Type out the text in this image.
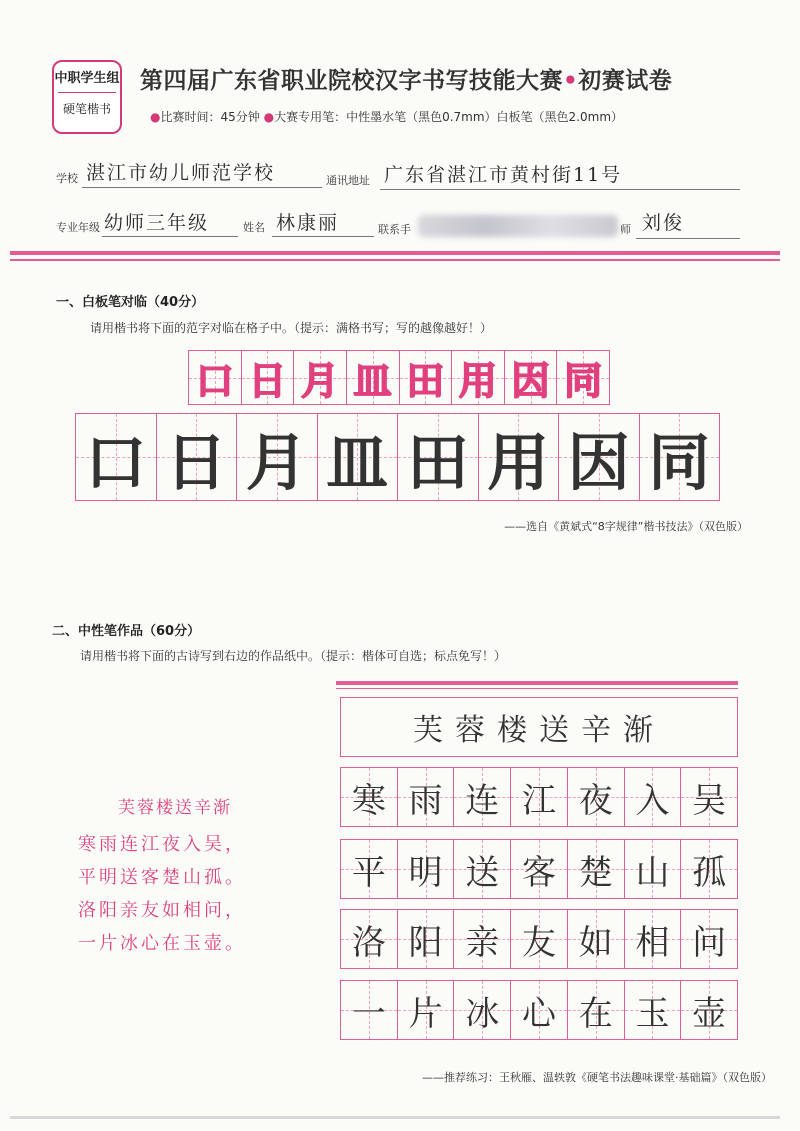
中职学生组
硬笔楷书
第四届广东省职业院校汉字书写技能大赛•初赛试卷
●比赛时间：45分钟 ●大赛专用笔：中性墨水笔（黑色0.7mm）白板笔（黑色2.0mm）
学校 湛江市幼儿师范学校	通讯地址 广东省湛江市黄村街11号
专业年级 幼师三年级	姓名 林康丽	联系手	师 刘俊
一、白板笔对临（40分）
请用楷书将下面的范字对临在格子中。（提示：满格书写；写的越像越好！）
口 日 月 皿 田 用 因 同
口 日 月 皿 田 用 因 同
——选自《黄斌式“8字规律”楷书技法》（双色版）
二、中性笔作品（60分）
请用楷书将下面的古诗写到右边的作品纸中。（提示：楷体可自选；标点免写！）
芙蓉楼送辛渐
寒雨连江夜入吴，
平明送客楚山孤。
洛阳亲友如相问，
一片冰心在玉壶。
芙蓉楼送辛渐
寒 雨 连 江 夜 入 吴
平 明 送 客 楚 山 孤
洛 阳 亲 友 如 相 问
一 片 冰 心 在 玉 壶
——推荐练习：王秋雁、温轶敦《硬笔书法趣味课堂·基础篇》（双色版）
